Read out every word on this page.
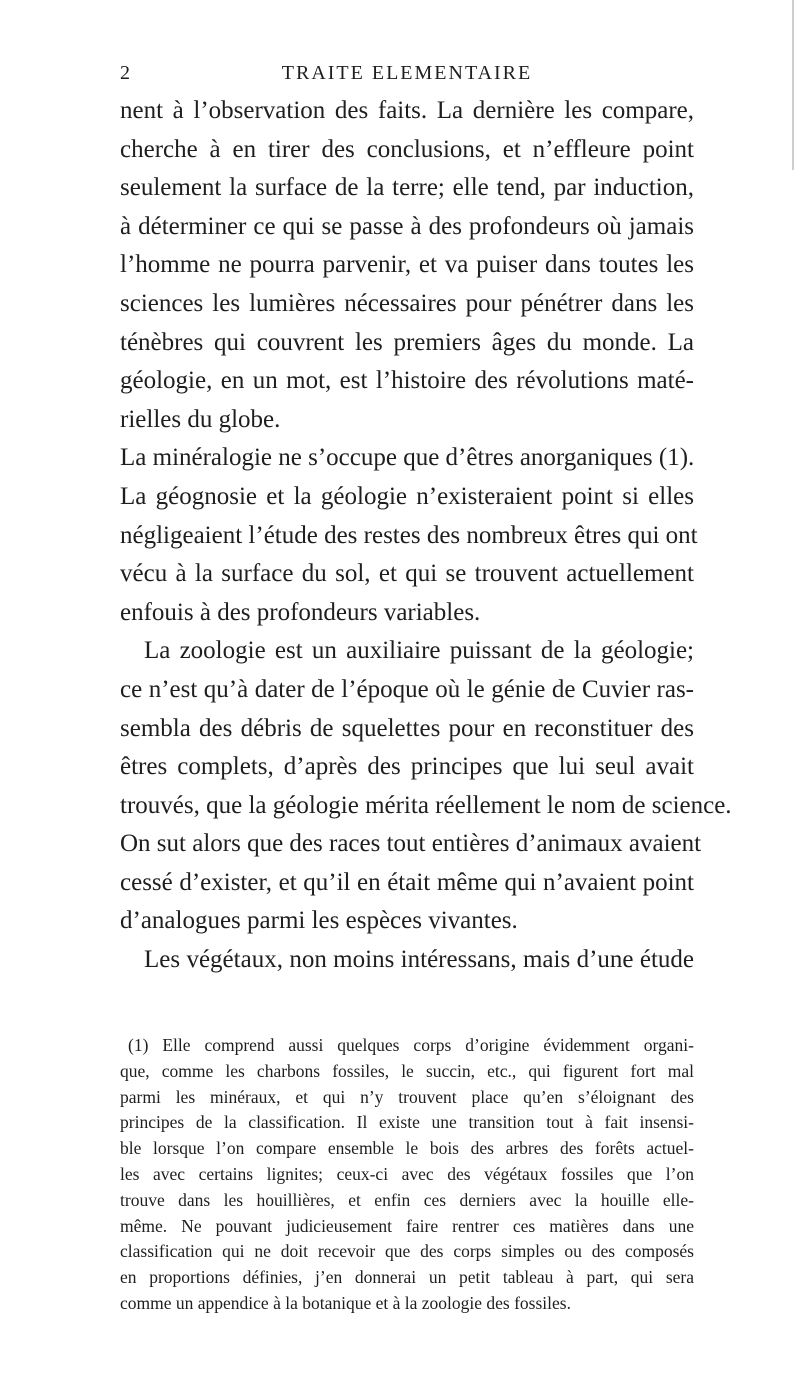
2	TRAITE ELEMENTAIRE
nent à l’observation des faits. La dernière les compare,
cherche à en tirer des conclusions, et n’effleure point
seulement la surface de la terre; elle tend, par induction,
à déterminer ce qui se passe à des profondeurs où jamais
l’homme ne pourra parvenir, et va puiser dans toutes les
sciences les lumières nécessaires pour pénétrer dans les
ténèbres qui couvrent les premiers âges du monde. La
géologie, en un mot, est l’histoire des révolutions maté-
rielles du globe.
La minéralogie ne s’occupe que d’êtres anorganiques (1).
La géognosie et la géologie n’existeraient point si elles
négligeaient l’étude des restes des nombreux êtres qui ont
vécu à la surface du sol, et qui se trouvent actuellement
enfouis à des profondeurs variables.
La zoologie est un auxiliaire puissant de la géologie;
ce n’est qu’à dater de l’époque où le génie de Cuvier ras-
sembla des débris de squelettes pour en reconstituer des
êtres complets, d’après des principes que lui seul avait
trouvés, que la géologie mérita réellement le nom de science.
On sut alors que des races tout entières d’animaux avaient
cessé d’exister, et qu’il en était même qui n’avaient point
d’analogues parmi les espèces vivantes.
Les végétaux, non moins intéressans, mais d’une étude
(1) Elle comprend aussi quelques corps d’origine évidemment organi-
que, comme les charbons fossiles, le succin, etc., qui figurent fort mal
parmi les minéraux, et qui n’y trouvent place qu’en s’éloignant des
principes de la classification. Il existe une transition tout à fait insensi-
ble lorsque l’on compare ensemble le bois des arbres des forêts actuel-
les avec certains lignites; ceux-ci avec des végétaux fossiles que l’on
trouve dans les houillières, et enfin ces derniers avec la houille elle-
même. Ne pouvant judicieusement faire rentrer ces matières dans une
classification qui ne doit recevoir que des corps simples ou des composés
en proportions définies, j’en donnerai un petit tableau à part, qui sera
comme un appendice à la botanique et à la zoologie des fossiles.
